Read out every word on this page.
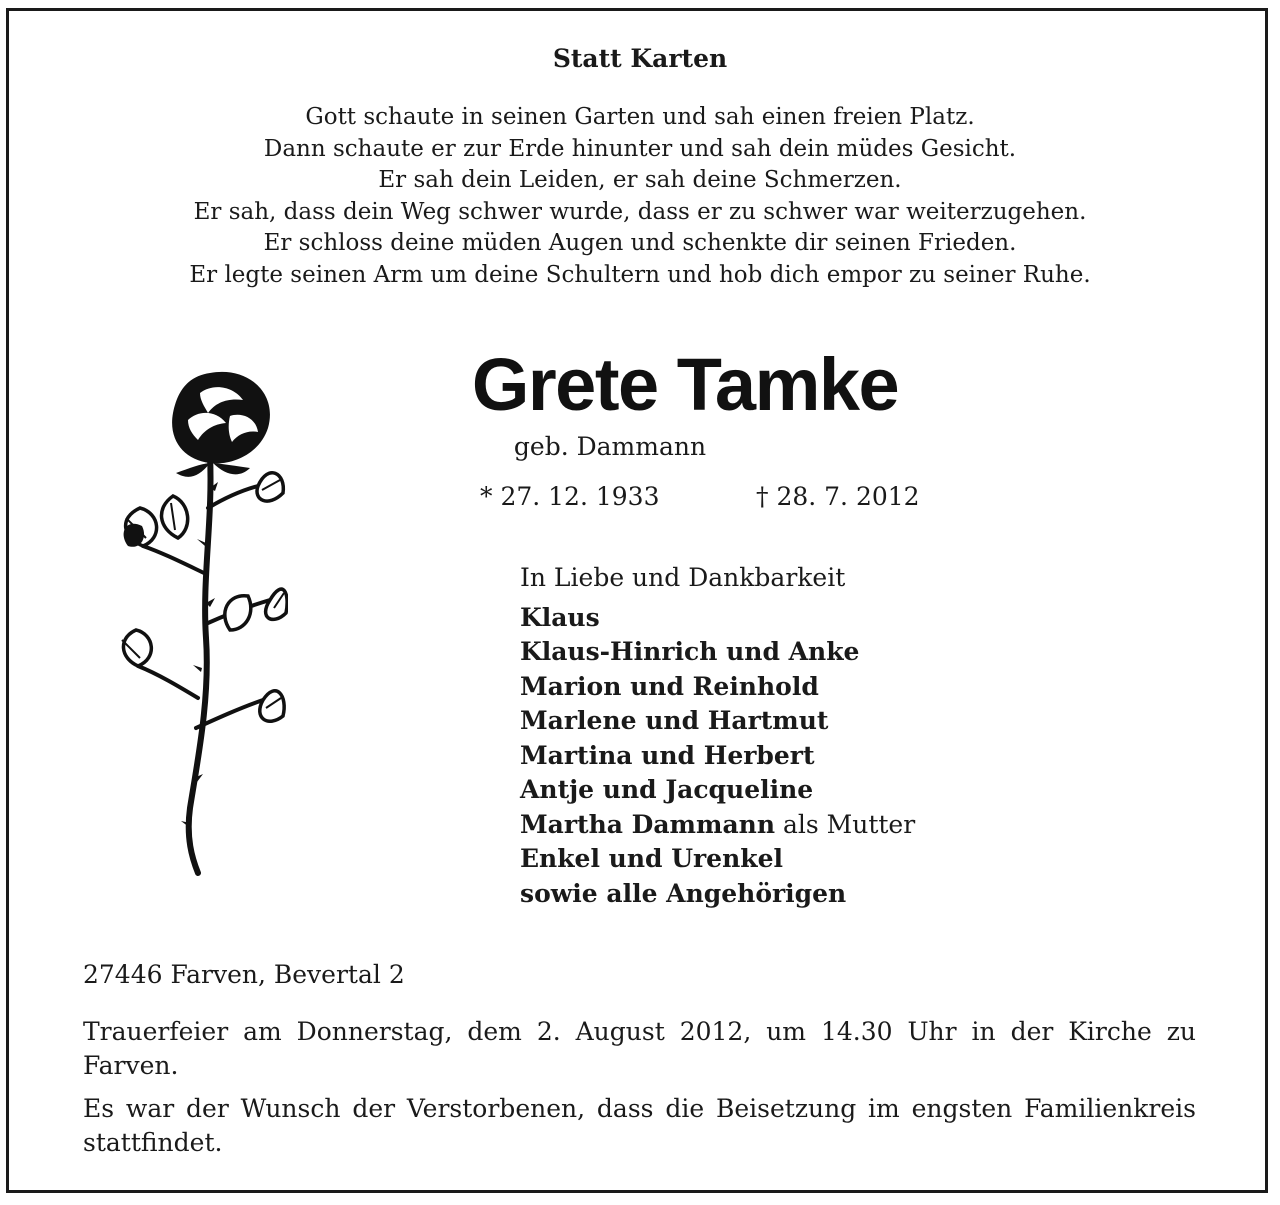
Statt Karten
Gott schaute in seinen Garten und sah einen freien Platz.
Dann schaute er zur Erde hinunter und sah dein müdes Gesicht.
Er sah dein Leiden, er sah deine Schmerzen.
Er sah, dass dein Weg schwer wurde, dass er zu schwer war weiterzugehen.
Er schloss deine müden Augen und schenkte dir seinen Frieden.
Er legte seinen Arm um deine Schultern und hob dich empor zu seiner Ruhe.
Grete Tamke
geb. Dammann
* 27. 12. 1933	† 28. 7. 2012
In Liebe und Dankbarkeit
Klaus
Klaus-Hinrich und Anke
Marion und Reinhold
Marlene und Hartmut
Martina und Herbert
Antje und Jacqueline
Martha Dammann als Mutter
Enkel und Urenkel
sowie alle Angehörigen
27446 Farven, Bevertal 2
Trauerfeier am Donnerstag, dem 2. August 2012, um 14.30 Uhr in der Kirche zu Farven.
Es war der Wunsch der Verstorbenen, dass die Beisetzung im engsten Familienkreis stattfindet.
